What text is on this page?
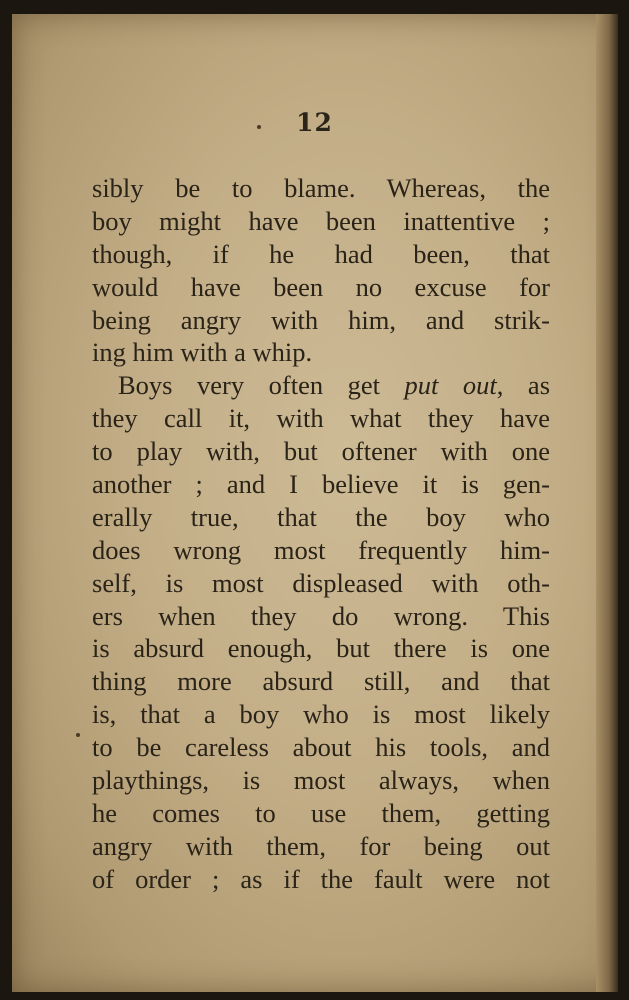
12
sibly be to blame. Whereas, the
boy might have been inattentive ;
though, if he had been, that
would have been no excuse for
being angry with him, and strik-
ing him with a whip.
Boys very often get put out, as
they call it, with what they have
to play with, but oftener with one
another ; and I believe it is gen-
erally true, that the boy who
does wrong most frequently him-
self, is most displeased with oth-
ers when they do wrong. This
is absurd enough, but there is one
thing more absurd still, and that
is, that a boy who is most likely
to be careless about his tools, and
playthings, is most always, when
he comes to use them, getting
angry with them, for being out
of order ; as if the fault were not
